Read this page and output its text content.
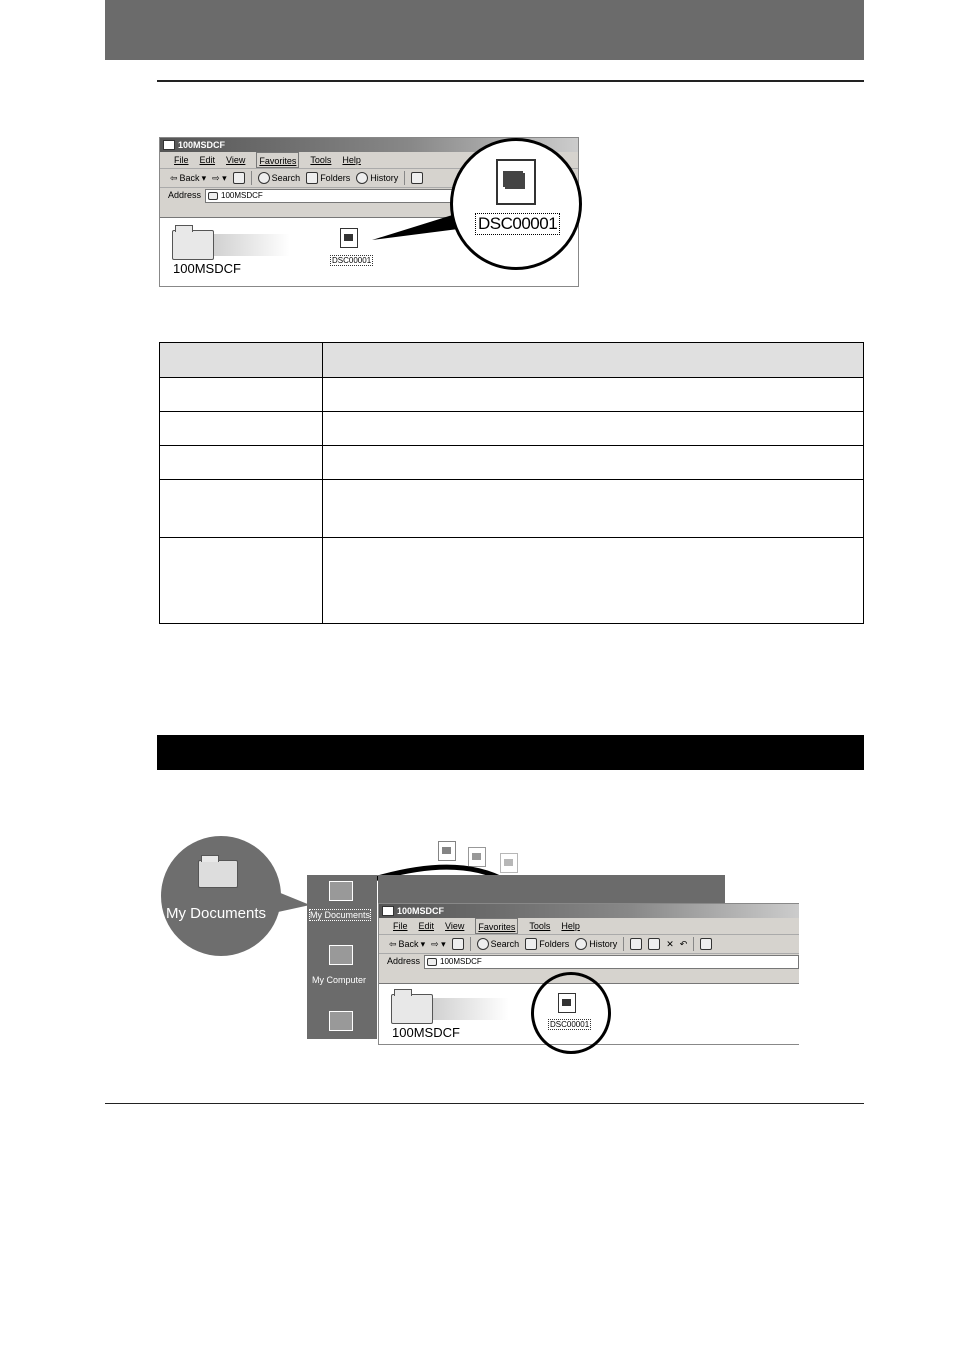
100MSDCF
File Edit View	Favorites	Tools Help
⇦ Back ▾ ⇨ ▾	Search Folders History
Address	100MSDCF
100MSDCF
DSC00001
DSC00001

My Documents	My Documents
My Computer
100MSDCF
File Edit View	Favorites	Tools Help
⇦ Back ▾ ⇨ ▾	Search Folders History	✕ ↶
Address	100MSDCF
100MSDCF
DSC00001
